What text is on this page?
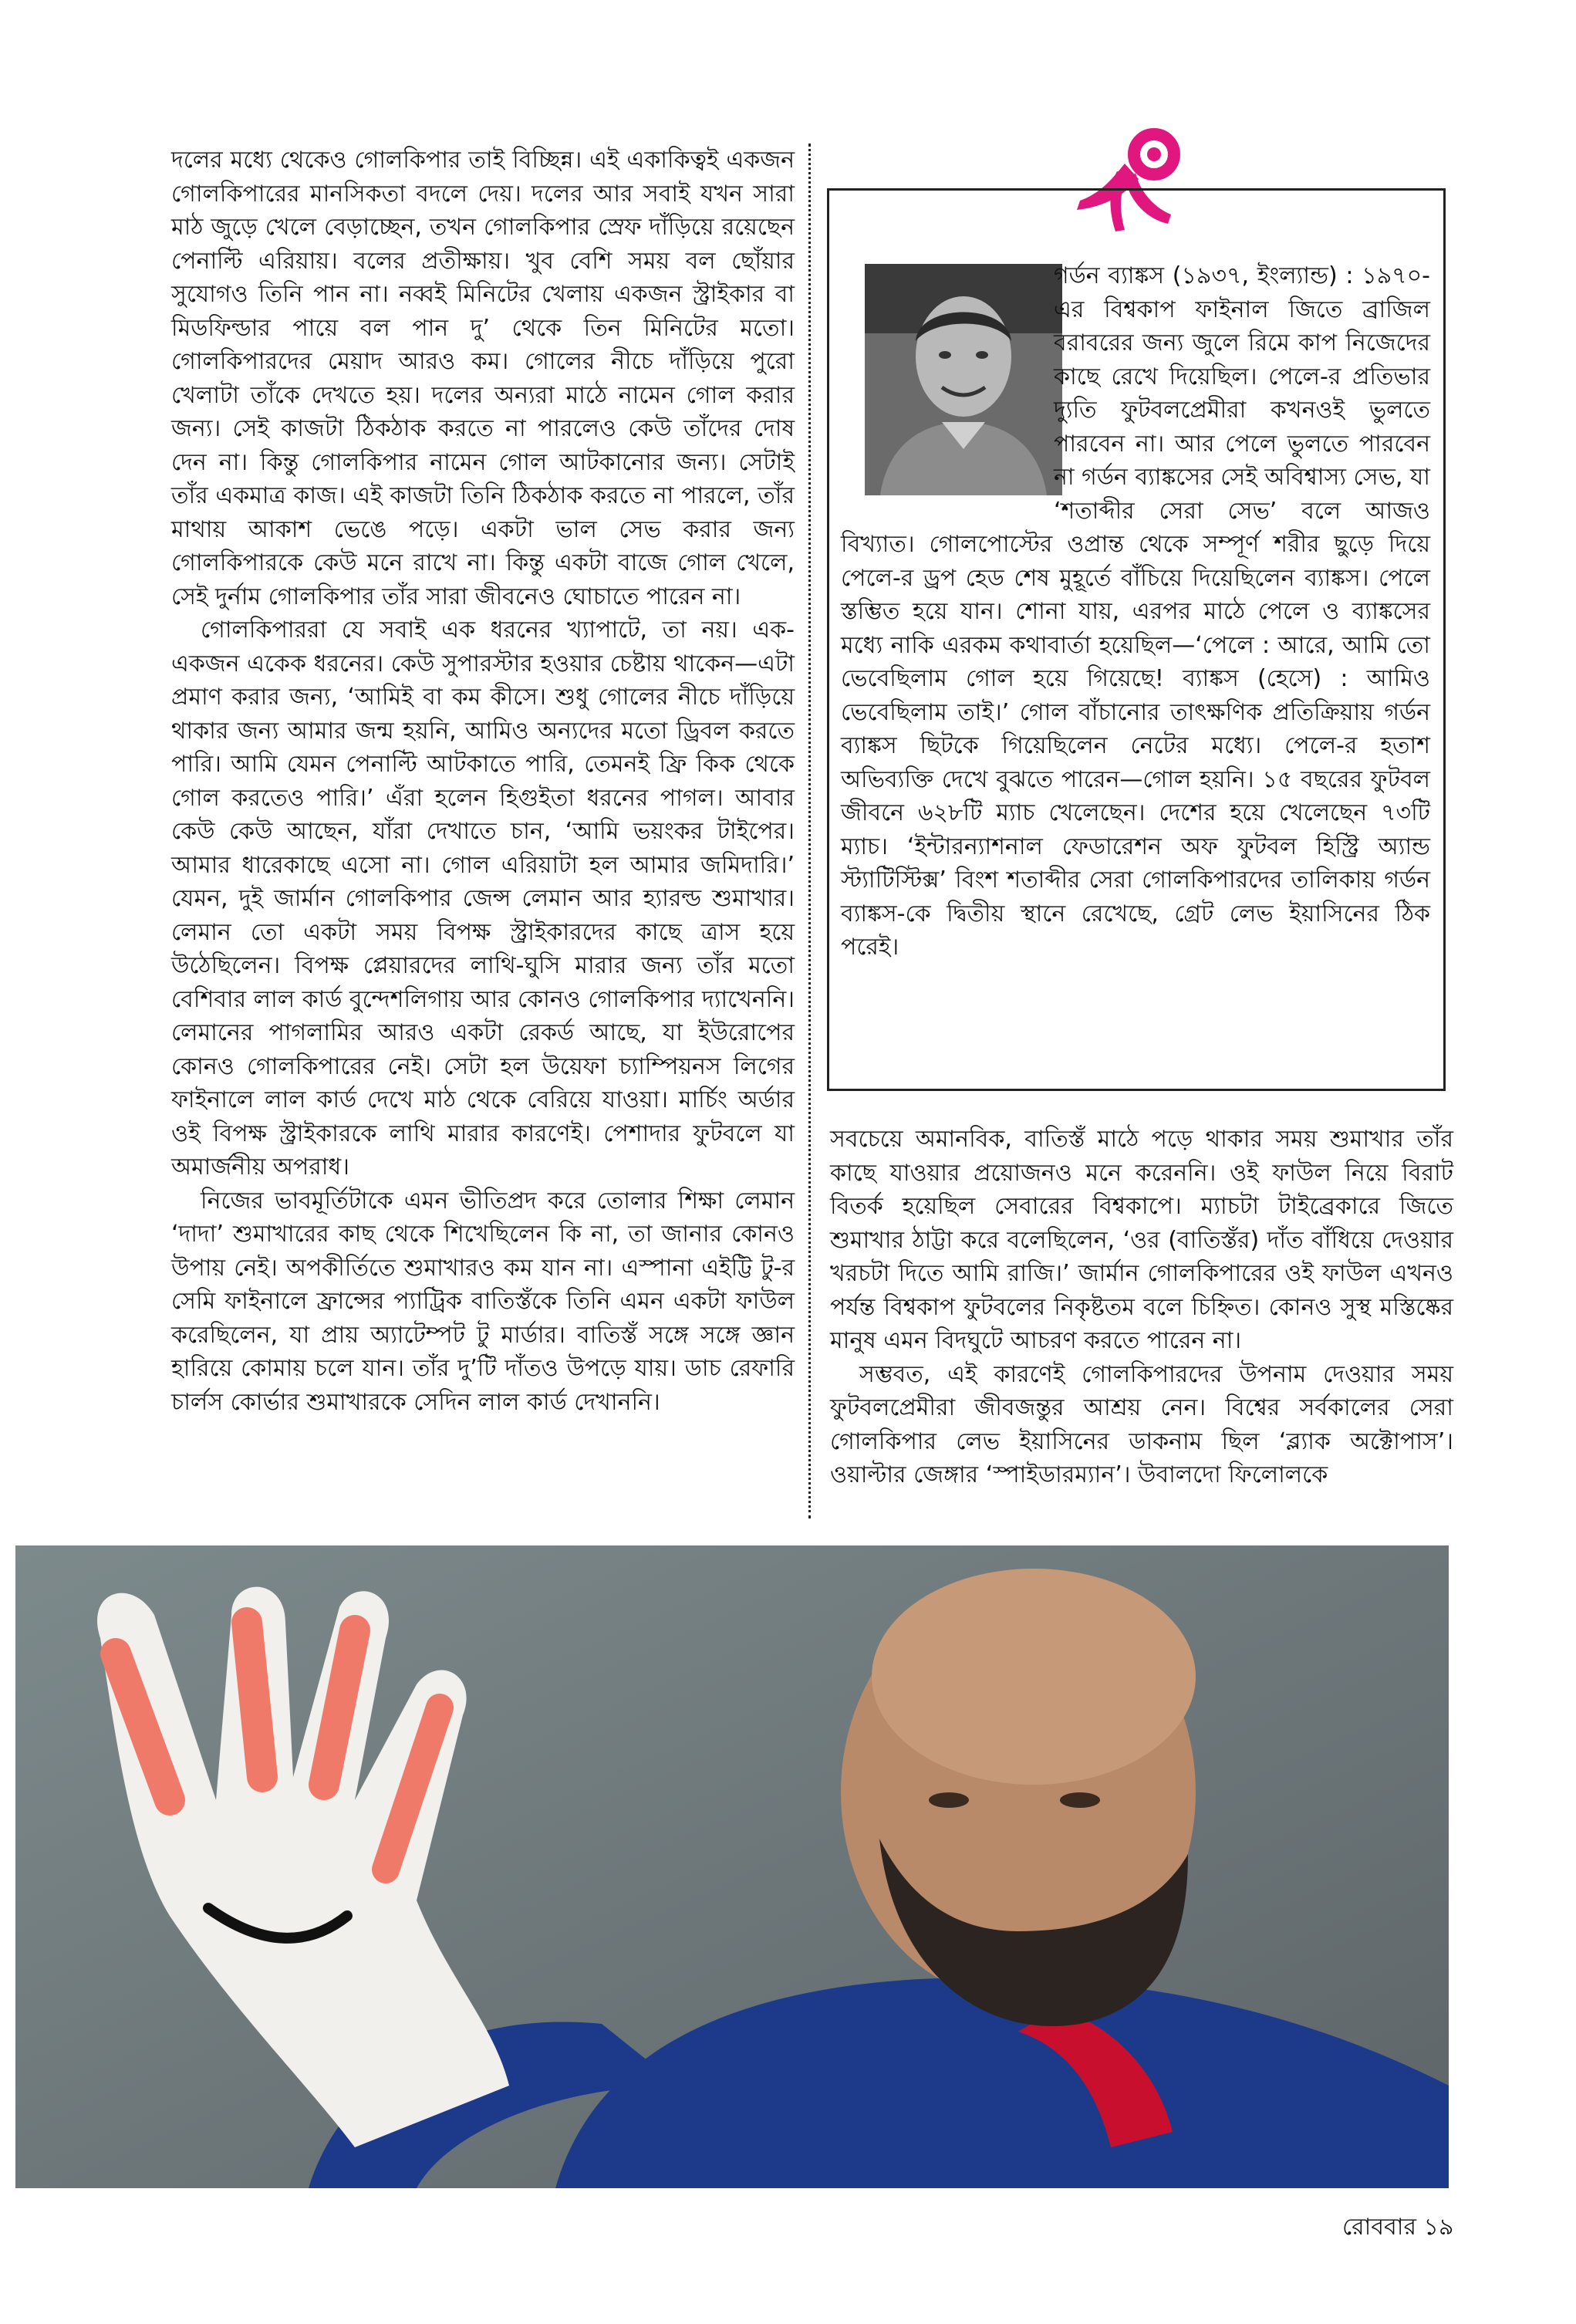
দলের মধ্যে থেকেও গোলকিপার তাই বিচ্ছিন্ন। এই একাকিত্বই একজন গোলকিপারের মানসিকতা বদলে দেয়। দলের আর সবাই যখন সারা মাঠ জুড়ে খেলে বেড়াচ্ছেন, তখন গোলকিপার স্রেফ দাঁড়িয়ে রয়েছেন পেনাল্টি এরিয়ায়। বলের প্রতীক্ষায়। খুব বেশি সময় বল ছোঁয়ার সুযোগও তিনি পান না। নব্বই মিনিটের খেলায় একজন স্ট্রাইকার বা মিডফিল্ডার পায়ে বল পান দু’ থেকে তিন মিনিটের মতো। গোলকিপারদের মেয়াদ আরও কম। গোলের নীচে দাঁড়িয়ে পুরো খেলাটা তাঁকে দেখতে হয়। দলের অন্যরা মাঠে নামেন গোল করার জন্য। সেই কাজটা ঠিকঠাক করতে না পারলেও কেউ তাঁদের দোষ দেন না। কিন্তু গোলকিপার নামেন গোল আটকানোর জন্য। সেটাই তাঁর একমাত্র কাজ। এই কাজটা তিনি ঠিকঠাক করতে না পারলে, তাঁর মাথায় আকাশ ভেঙে পড়ে। একটা ভাল সেভ করার জন্য গোলকিপারকে কেউ মনে রাখে না। কিন্তু একটা বাজে গোল খেলে, সেই দুর্নাম গোলকিপার তাঁর সারা জীবনেও ঘোচাতে পারেন না।

গোলকিপাররা যে সবাই এক ধরনের খ্যাপাটে, তা নয়। এক-একজন একেক ধরনের। কেউ সুপারস্টার হওয়ার চেষ্টায় থাকেন—এটা প্রমাণ করার জন্য, ‘আমিই বা কম কীসে। শুধু গোলের নীচে দাঁড়িয়ে থাকার জন্য আমার জন্ম হয়নি, আমিও অন্যদের মতো ড্রিবল করতে পারি। আমি যেমন পেনাল্টি আটকাতে পারি, তেমনই ফ্রি কিক থেকে গোল করতেও পারি।’ এঁরা হলেন হিগুইতা ধরনের পাগল। আবার কেউ কেউ আছেন, যাঁরা দেখাতে চান, ‘আমি ভয়ংকর টাইপের। আমার ধারেকাছে এসো না। গোল এরিয়াটা হল আমার জমিদারি।’ যেমন, দুই জার্মান গোলকিপার জেন্স লেমান আর হ্যারল্ড শুমাখার। লেমান তো একটা সময় বিপক্ষ স্ট্রাইকারদের কাছে ত্রাস হয়ে উঠেছিলেন। বিপক্ষ প্লেয়ারদের লাথি-ঘুসি মারার জন্য তাঁর মতো বেশিবার লাল কার্ড বুন্দেশলিগায় আর কোনও গোলকিপার দ্যাখেননি। লেমানের পাগলামির আরও একটা রেকর্ড আছে, যা ইউরোপের কোনও গোলকিপারের নেই। সেটা হল উয়েফা চ্যাম্পিয়নস লিগের ফাইনালে লাল কার্ড দেখে মাঠ থেকে বেরিয়ে যাওয়া। মার্চিং অর্ডার ওই বিপক্ষ স্ট্রাইকারকে লাথি মারার কারণেই। পেশাদার ফুটবলে যা অমার্জনীয় অপরাধ।

নিজের ভাবমূর্তিটাকে এমন ভীতিপ্রদ করে তোলার শিক্ষা লেমান ‘দাদা’ শুমাখারের কাছ থেকে শিখেছিলেন কি না, তা জানার কোনও উপায় নেই। অপকীর্তিতে শুমাখারও কম যান না। এস্পানা এইট্টি টু-র সেমি ফাইনালে ফ্রান্সের প্যাট্রিক বাতিস্তঁকে তিনি এমন একটা ফাউল করেছিলেন, যা প্রায় অ্যাটেম্পট টু মার্ডার। বাতিস্তঁ সঙ্গে সঙ্গে জ্ঞান হারিয়ে কোমায় চলে যান। তাঁর দু’টি দাঁতও উপড়ে যায়। ডাচ রেফারি চার্লস কোর্ভার শুমাখারকে সেদিন লাল কার্ড দেখাননি।

গর্ডন ব্যাঙ্কস (১৯৩৭, ইংল্যান্ড) : ১৯৭০-এর বিশ্বকাপ ফাইনাল জিতে ব্রাজিল বরাবরের জন্য জুলে রিমে কাপ নিজেদের কাছে রেখে দিয়েছিল। পেলে-র প্রতিভার দ্যুতি ফুটবলপ্রেমীরা কখনওই ভুলতে পারবেন না। আর পেলে ভুলতে পারবেন না গর্ডন ব্যাঙ্কসের সেই অবিশ্বাস্য সেভ, যা ‘শতাব্দীর সেরা সেভ’ বলে আজও বিখ্যাত। গোলপোস্টের ওপ্রান্ত থেকে সম্পূর্ণ শরীর ছুড়ে দিয়ে পেলে-র ড্রপ হেড শেষ মুহূর্তে বাঁচিয়ে দিয়েছিলেন ব্যাঙ্কস। পেলে স্তম্ভিত হয়ে যান। শোনা যায়, এরপর মাঠে পেলে ও ব্যাঙ্কসের মধ্যে নাকি এরকম কথাবার্তা হয়েছিল—‘পেলে : আরে, আমি তো ভেবেছিলাম গোল হয়ে গিয়েছে! ব্যাঙ্কস (হেসে) : আমিও ভেবেছিলাম তাই।’ গোল বাঁচানোর তাৎক্ষণিক প্রতিক্রিয়ায় গর্ডন ব্যাঙ্কস ছিটকে গিয়েছিলেন নেটের মধ্যে। পেলে-র হতাশ অভিব্যক্তি দেখে বুঝতে পারেন—গোল হয়নি। ১৫ বছরের ফুটবল জীবনে ৬২৮টি ম্যাচ খেলেছেন। দেশের হয়ে খেলেছেন ৭৩টি ম্যাচ। ‘ইন্টারন্যাশনাল ফেডারেশন অফ ফুটবল হিস্ট্রি অ্যান্ড স্ট্যাটিস্টিক্স’ বিংশ শতাব্দীর সেরা গোলকিপারদের তালিকায় গর্ডন ব্যাঙ্কস-কে দ্বিতীয় স্থানে রেখেছে, গ্রেট লেভ ইয়াসিনের ঠিক পরেই।

সবচেয়ে অমানবিক, বাতিস্তঁ মাঠে পড়ে থাকার সময় শুমাখার তাঁর কাছে যাওয়ার প্রয়োজনও মনে করেননি। ওই ফাউল নিয়ে বিরাট বিতর্ক হয়েছিল সেবারের বিশ্বকাপে। ম্যাচটা টাইব্রেকারে জিতে শুমাখার ঠাট্টা করে বলেছিলেন, ‘ওর (বাতিস্তঁর) দাঁত বাঁধিয়ে দেওয়ার খরচটা দিতে আমি রাজি।’ জার্মান গোলকিপারের ওই ফাউল এখনও পর্যন্ত বিশ্বকাপ ফুটবলের নিকৃষ্টতম বলে চিহ্নিত। কোনও সুস্থ মস্তিষ্কের মানুষ এমন বিদঘুটে আচরণ করতে পারেন না।

সম্ভবত, এই কারণেই গোলকিপারদের উপনাম দেওয়ার সময় ফুটবলপ্রেমীরা জীবজন্তুর আশ্রয় নেন। বিশ্বের সর্বকালের সেরা গোলকিপার লেভ ইয়াসিনের ডাকনাম ছিল ‘ব্ল্যাক অক্টোপাস’। ওয়াল্টার জেঙ্গার ‘স্পাইডারম্যান’। উবালদো ফিলোলকে

রোববার ১৯
